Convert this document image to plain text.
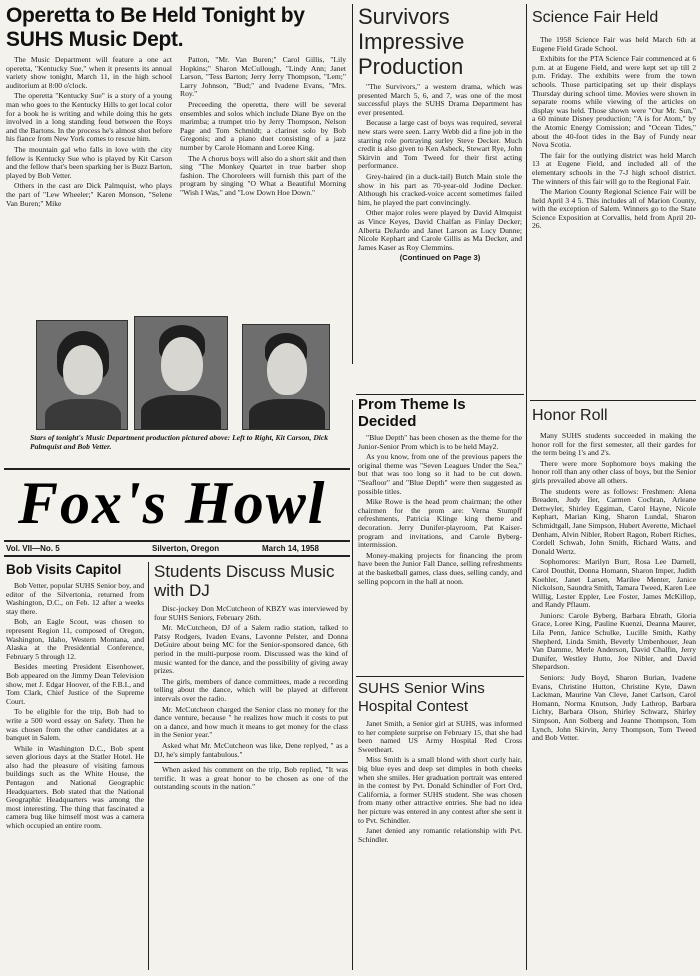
Operetta to Be Held Tonight by SUHS Music Dept.

The Music Department will feature a one act operetta, "Kentucky Sue," when it presents its annual variety show tonight, March 11, in the high school auditorium at 8:00 o'clock.

The operetta "Kentucky Sue" is a story of a young man who goes to the Kentucky Hills to get local color for a book he is writing and while doing this he gets involved in a long standing feud between the Roys and the Bartons. In the process he's almost shot before his fiance from New York comes to rescue him.

The mountain gal who falls in love with the city fellow is Kentucky Sue who is played by Kit Carson and the fellow that's been sparking her is Buzz Barton, played by Bob Vetter.

Others in the cast are Dick Palmquist, who plays the part of "Lew Wheeler;" Karen Monson, "Selene Van Buren;" Mike

Patton, "Mr. Van Buren;" Carol Gillis, "Lily Hopkins;" Sharon McCullough, "Lindy Ann; Janet Larson, "Tess Barton; Jerry Jerry Thompson, "Lem;" Larry Johnson, "Bud;" and Ivadene Evans, "Mrs. Roy."

Preceeding the operetta, there will be several ensembles and solos which include Diane Bye on the marimba; a trumpet trio by Jerry Thompson, Nelson Page and Tom Schmidt; a clarinet solo by Bob Gregonis; and a piano duet consisting of a jazz number by Carole Homann and Loree King.

The A chorus boys will also do a short skit and then sing "The Monkey Quartet in true barber shop fashion. The Choroleers will furnish this part of the program by singing "O What a Beautiful Morning "Wish I Was," and "Low Down Hoe Down."

Stars of tonight's Music Department production pictured above: Left to Right, Kit Carson, Dick Palmquist and Bob Vetter.
Survivors Impressive Production

"The Survivors," a western drama, which was presented March 5, 6, and 7, was one of the most successful plays the SUHS Drama Department has ever presented.

Because a large cast of boys was required, several new stars were seen. Larry Webb did a fine job in the starring role portraying surley Steve Decker. Much credit is also given to Ken Asbeck, Stewart Rye, John Skirvin and Tom Tweed for their first acting performance.

Grey-haired (in a duck-tail) Butch Main stole the show in his part as 70-year-old Jodine Decker. Although his cracked-voice accent sometimes failed him, he played the part convincingly.

Other major roles were played by David Almquist as Vince Keyes, David Chalfan as Finlay Decker; Alberta DeJardo and Janet Larson as Lucy Dunne; Nicole Kephart and Carole Gillis as Ma Decker, and James Kaser as Roy Clemmins.

(Continued on Page 3)

Science Fair Held

The 1958 Science Fair was held March 6th at Eugene Field Grade School.

Exhibits for the PTA Science Fair commenced at 6 p.m. at at Eugene Field, and were kept set up till 2 p.m. Friday. The exhibits were from the town schools. Those participating set up their displays Thursday during school time. Movies were shown in separate rooms while viewing of the articles on display was held. Those shown were "Our Mr. Sun," a 60 minute Disney production; "A is for Atom," by the Atomic Energy Comission; and "Ocean Tides," about the 40-foot tides in the Bay of Fundy near Nova Scotia.

The fair for the outlying district was held March 13 at Eugene Field, and included all of the elementary schools in the 7-J high school district. The winners of this fair will go to the Regional Fair.

The Marion County Regional Science Fair will be held April 3 4 5. This includes all of Marion County, with the exception of Salem. Winners go to the State Science Exposition at Corvallis, held from April 20-26.

Fox's Howl
Vol. VII—No. 5	Silverton, Oregon	March 14, 1958
Bob Visits Capitol

Bob Vetter, popular SUHS Senior boy, and editor of the Silvertonia, returned from Washington, D.C., on Feb. 12 after a weeks stay there.

Bob, an Eagle Scout, was chosen to represent Region 11, composed of Oregon, Washington, Idaho, Western Montana, and Alaska at the Presidential Conference, February 5 through 12.

Besides meeting President Eisenhower, Bob appeared on the Jimmy Dean Television show, met J. Edgar Hoover, of the F.B.I., and Tom Clark, Chief Justice of the Supreme Court.

To be eligible for the trip, Bob had to write a 500 word essay on Safety. Then he was chosen from the other candidates at a banquet in Salem.

While in Washington D.C., Bob spent seven glorious days at the Statler Hotel. He also had the pleasure of visiting famous buildings such as the White House, the Pentagon and National Geographic Headquarters. Bob stated that the National Geographic Headquarters was among the most interesting. The thing that fascinated a camera bug like himself most was a camera which occupied an entire room.

Students Discuss Music with DJ

Disc-jockey Don McCutcheon of KBZY was interviewed by four SUHS Seniors, February 26th.

Mr. McCutcheon, DJ of a Salem radio station, talked to Patsy Rodgers, Ivaden Evans, Lavonne Pelster, and Donna DeGuire about being MC for the Senior-sponsored dance, 6th period in the multi-purpose room. Discussed was the kind of music wanted for the dance, and the possibility of giving away prizes.

The girls, members of dance committees, made a recording telling about the dance, which will be played at different intervals over the radio.

Mr. McCutcheon charged the Senior class no money for the dance venture, because " he realizes how much it costs to put on a dance, and how much it means to get money for the class in the Senior year."

Asked what Mr. McCutcheon was like, Dene replyed, " as a DJ, he's simply fantabulous."

When asked his comment on the trip, Bob replied, "It was terrific. It was a great honor to be chosen as one of the outstanding scouts in the nation."

Prom Theme Is Decided

"Blue Depth" has been chosen as the theme for the Junior-Senior Prom which is to be held May2.

As you know, from one of the previous papers the original theme was "Seven Leagues Under the Sea," but that was too long so it had to be cut down. "Seafloor" and "Blue Depth" were then suggested as possible titles.

Mike Rowe is the head prom chairman; the other chairmen for the prom are: Verna Stumpff refreshments, Patricia Klinge king theme and decoration. Jerry Dunifer-playroom, Pat Kaiser-program and invitations, and Carole Byberg-intermission.

Money-making projects for financing the prom have been the Junior Fall Dance, selling refreshments at the basketball games, class dues, selling candy, and selling popcorn in the hall at noon.

SUHS Senior Wins Hospital Contest

Janet Smith, a Senior girl at SUHS, was informed to her complete surprise on February 15, that she had been named US Army Hospital Red Cross Sweetheart.

Miss Smith is a small blond with short curly hair, big blue eyes and deep set dimples in both cheeks when she smiles. Her graduation portrait was entered in the contest by Pvt. Donald Schindler of Fort Ord, California, a former SUHS student. She was chosen from many other attractive entries. She had no idea her picture was entered in any contest after she sent it to Pvt. Schindler.

Janet denied any romantic relationship with Pvt. Schindler.

Honor Roll

Many SUHS students succeeded in making the honor roll for the first semester, all their gardes for the term being 1's and 2's.

There were more Sophomore boys making the honor roll than any other class of boys, but the Senior girls prevailed above all others.

The students were as follows: Freshmen: Alena Breaden, Judy Iler, Carmen Cochran, Arleane Dettwyler, Shirley Eggiman, Carol Hayne, Nicole Kephart, Marian King, Sharon Lundal, Sharon Schmidtgall, Jane Simpson, Hubert Averette, Michael Denham, Alvin Nibler, Robert Ragon, Robert Riches, Cordell Schwab, John Smith, Richard Watts, and Donald Wertz.

Sophomores: Marilyn Burr, Rosa Lee Darnell, Carol Douthit, Donna Homann, Sharon Imper, Judith Koehler, Janet Larsen, Marilee Menter, Janice Nickolson, Saundra Smith, Tamara Tweed, Karen Lee Willig, Lester Eppler, Lee Foster, James McKillop, and Randy Pflaum.

Juniors: Carole Byberg, Barbara Ebrath, Gloria Grace, Loree King, Pauline Kuenzi, Deanna Maurer, Lila Penn, Janice Schulke, Lucille Smith, Kathy Shepherd, Linda Smith, Beverly Umbenhouer, Jean Van Damme, Merle Anderson, David Chalfin, Jerry Dunifer, Westley Hutto, Joe Nibler, and David Shepardson.

Seniors: Judy Boyd, Sharon Burian, Ivadene Evans, Christine Hutton, Christine Kyte, Dawn Lackman, Maurine Van Cleve, Janet Carlson, Carol Homann, Norma Knutson, Judy Lathrop, Barbara Lichty, Barbara Olson, Shirley Schwarz, Shirley Simpson, Ann Solberg and Jeanne Thompson, Tom Lynch, John Skirvin, Jerry Thompson, Tom Tweed and Bob Vetter.
